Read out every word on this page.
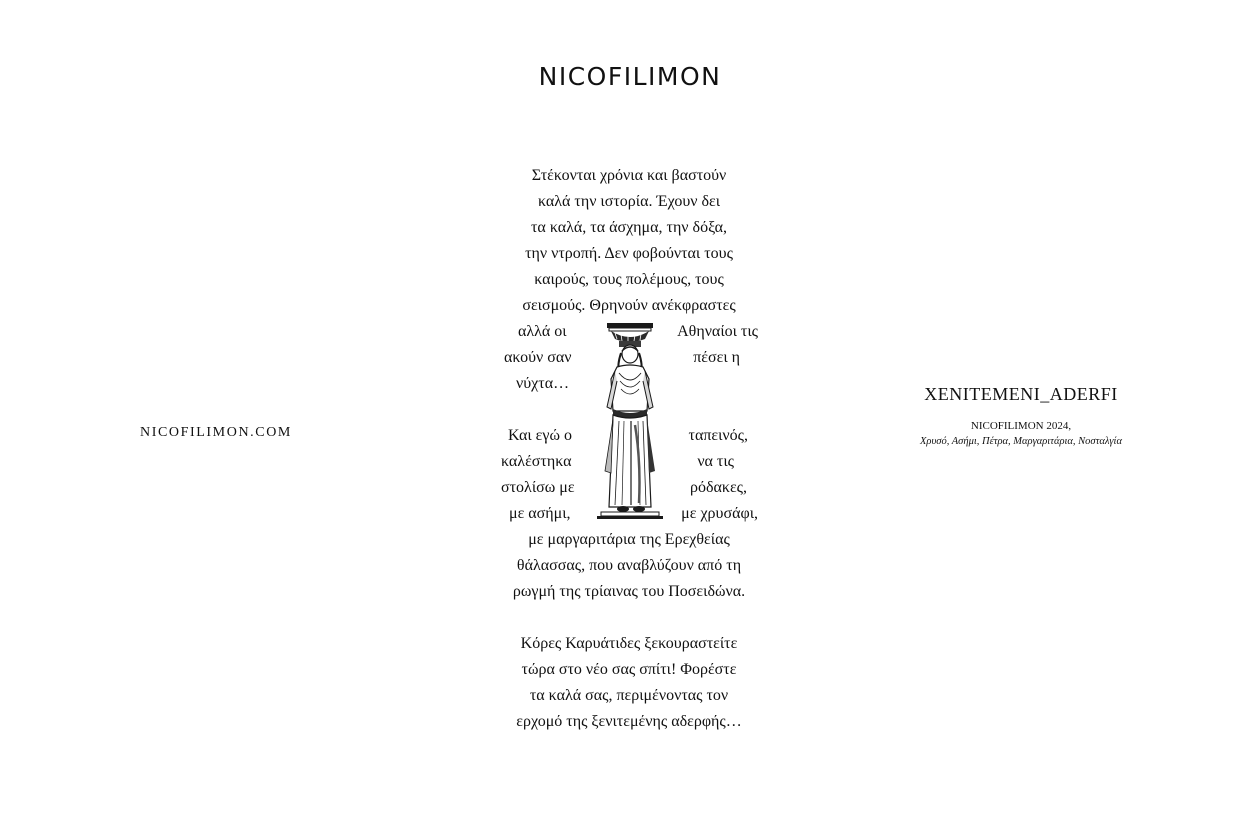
NICOFILIMON
NICOFILIMON.COM
Στέκονται χρόνια και βαστούν
καλά την ιστορία. Έχουν δει
τα καλά, τα άσχημα, την δόξα,
την ντροπή. Δεν φοβούνται τους
καιρούς, τους πολέμους, τους
σεισμούς. Θρηνούν ανέκφραστες
αλλά οι	Αθηναίοι τις
ακούν σαν	πέσει η
νύχτα…
Και εγώ ο	ταπεινός,
καλέστηκα	να τις
στολίσω με	ρόδακες,
με ασήμι,	με χρυσάφι,
με μαργαριτάρια της Ερεχθείας
θάλασσας, που αναβλύζουν από τη
ρωγμή της τρίαινας του Ποσειδώνα.
Κόρες Καρυάτιδες ξεκουραστείτε
τώρα στο νέο σας σπίτι! Φορέστε
τα καλά σας, περιμένοντας τον
ερχομό της ξενιτεμένης αδερφής…
XENITEMENI_ADERFI
NICOFILIMON 2024,
Χρυσό, Ασήμι, Πέτρα, Μαργαριτάρια, Νοσταλγία
